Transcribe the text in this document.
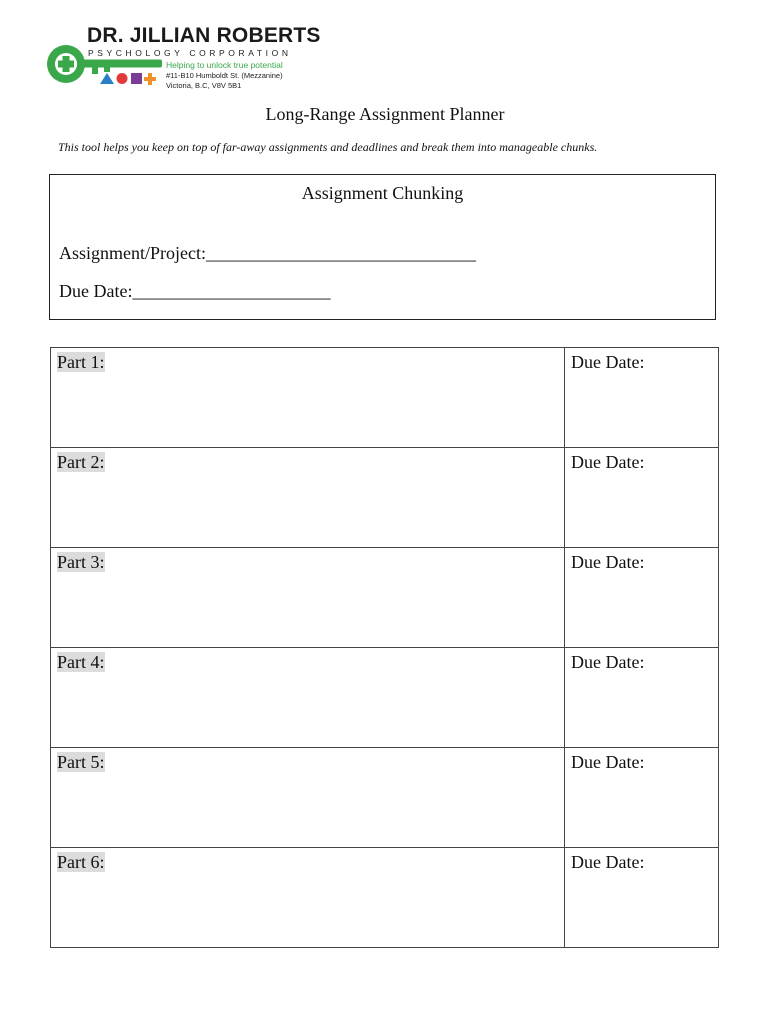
DR. JILLIAN ROBERTS
PSYCHOLOGY CORPORATION
Helping to unlock true potential
#11-B10 Humboldt St. (Mezzanine)
Victoria, B.C, V8V 5B1
Long-Range Assignment Planner
This tool helps you keep on top of far-away assignments and deadlines and break them into manageable chunks.
Assignment Chunking
Assignment/Project:______________________________
Due Date:______________________
Part 1:	Due Date:
Part 2:	Due Date:
Part 3:	Due Date:
Part 4:	Due Date:
Part 5:	Due Date:
Part 6:	Due Date:
